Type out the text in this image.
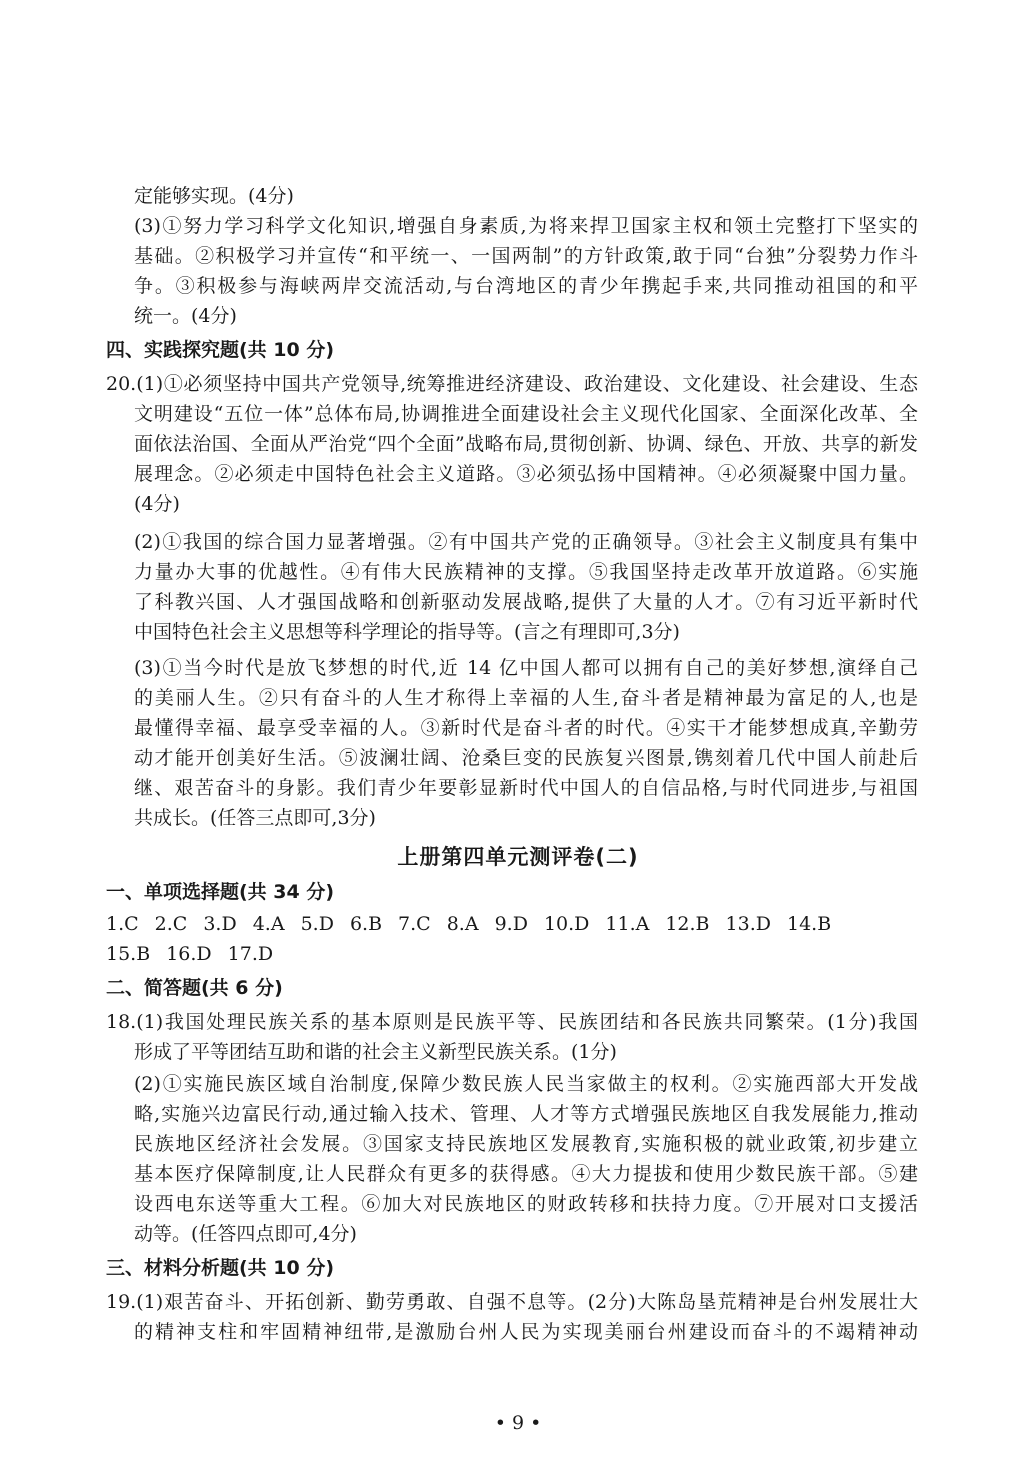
定能够实现。(4分)
(3)①努力学习科学文化知识,增强自身素质,为将来捍卫国家主权和领土完整打下坚实的
基础。②积极学习并宣传“和平统一、一国两制”的方针政策,敢于同“台独”分裂势力作斗
争。③积极参与海峡两岸交流活动,与台湾地区的青少年携起手来,共同推动祖国的和平
统一。(4分)
四、实践探究题(共 10 分)
20.(1)①必须坚持中国共产党领导,统筹推进经济建设、政治建设、文化建设、社会建设、生态
文明建设“五位一体”总体布局,协调推进全面建设社会主义现代化国家、全面深化改革、全
面依法治国、全面从严治党“四个全面”战略布局,贯彻创新、协调、绿色、开放、共享的新发
展理念。②必须走中国特色社会主义道路。③必须弘扬中国精神。④必须凝聚中国力量。
(4分)
(2)①我国的综合国力显著增强。②有中国共产党的正确领导。③社会主义制度具有集中
力量办大事的优越性。④有伟大民族精神的支撑。⑤我国坚持走改革开放道路。⑥实施
了科教兴国、人才强国战略和创新驱动发展战略,提供了大量的人才。⑦有习近平新时代
中国特色社会主义思想等科学理论的指导等。(言之有理即可,3分)
(3)①当今时代是放飞梦想的时代,近 14 亿中国人都可以拥有自己的美好梦想,演绎自己
的美丽人生。②只有奋斗的人生才称得上幸福的人生,奋斗者是精神最为富足的人,也是
最懂得幸福、最享受幸福的人。③新时代是奋斗者的时代。④实干才能梦想成真,辛勤劳
动才能开创美好生活。⑤波澜壮阔、沧桑巨变的民族复兴图景,镌刻着几代中国人前赴后
继、艰苦奋斗的身影。我们青少年要彰显新时代中国人的自信品格,与时代同进步,与祖国
共成长。(任答三点即可,3分)
上册第四单元测评卷(二)
一、单项选择题(共 34 分)
1.C 2.C 3.D 4.A 5.D 6.B 7.C 8.A 9.D 10.D 11.A 12.B 13.D 14.B
15.B 16.D 17.D
二、简答题(共 6 分)
18.(1)我国处理民族关系的基本原则是民族平等、民族团结和各民族共同繁荣。(1分)我国
形成了平等团结互助和谐的社会主义新型民族关系。(1分)
(2)①实施民族区域自治制度,保障少数民族人民当家做主的权利。②实施西部大开发战
略,实施兴边富民行动,通过输入技术、管理、人才等方式增强民族地区自我发展能力,推动
民族地区经济社会发展。③国家支持民族地区发展教育,实施积极的就业政策,初步建立
基本医疗保障制度,让人民群众有更多的获得感。④大力提拔和使用少数民族干部。⑤建
设西电东送等重大工程。⑥加大对民族地区的财政转移和扶持力度。⑦开展对口支援活
动等。(任答四点即可,4分)
三、材料分析题(共 10 分)
19.(1)艰苦奋斗、开拓创新、勤劳勇敢、自强不息等。(2分)大陈岛垦荒精神是台州发展壮大
的精神支柱和牢固精神纽带,是激励台州人民为实现美丽台州建设而奋斗的不竭精神动
• 9 •
